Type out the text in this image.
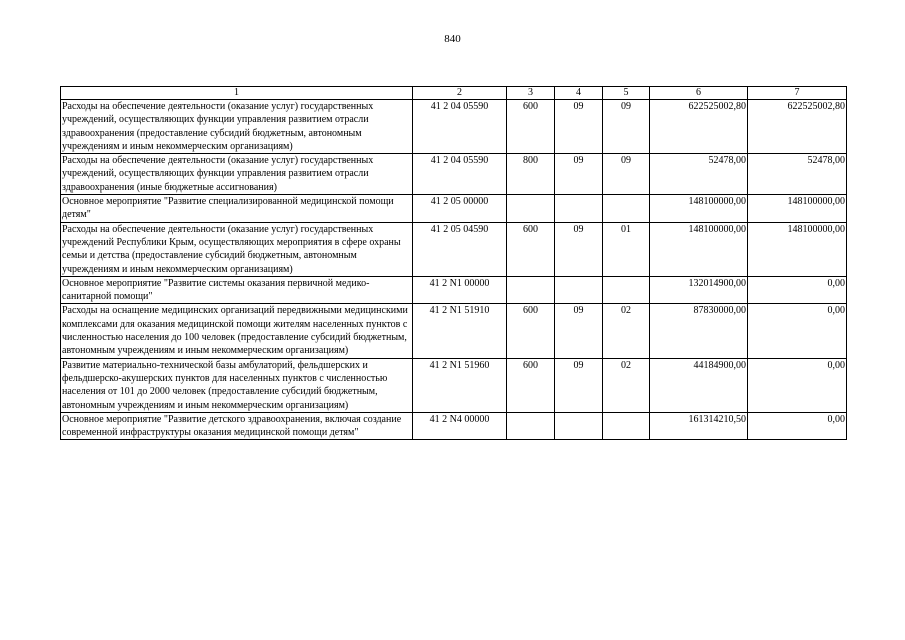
840
1	2	3	4	5	6	7
Расходы на обеспечение деятельности (оказание услуг) государственных учреждений, осуществляющих функции управления развитием отрасли здравоохранения (предоставление субсидий бюджетным, автономным учреждениям и иным некоммерческим организациям)	41 2 04 05590	600	09	09	622525002,80	622525002,80
Расходы на обеспечение деятельности (оказание услуг) государственных учреждений, осуществляющих функции управления развитием отрасли здравоохранения (иные бюджетные ассигнования)	41 2 04 05590	800	09	09	52478,00	52478,00
Основное мероприятие "Развитие специализированной медицинской помощи детям"	41 2 05 00000				148100000,00	148100000,00
Расходы на обеспечение деятельности (оказание услуг) государственных учреждений Республики Крым, осуществляющих мероприятия в сфере охраны семьи и детства (предоставление субсидий бюджетным, автономным учреждениям и иным некоммерческим организациям)	41 2 05 04590	600	09	01	148100000,00	148100000,00
Основное мероприятие "Развитие системы оказания первичной медико-санитарной помощи"	41 2 N1 00000				132014900,00	0,00
Расходы на оснащение медицинских организаций передвижными медицинскими комплексами для оказания медицинской помощи жителям населенных пунктов с численностью населения до 100 человек (предоставление субсидий бюджетным, автономным учреждениям и иным некоммерческим организациям)	41 2 N1 51910	600	09	02	87830000,00	0,00
Развитие материально-технической базы амбулаторий, фельдшерских и фельдшерско-акушерских пунктов для населенных пунктов с численностью населения от 101 до 2000 человек (предоставление субсидий бюджетным, автономным учреждениям и иным некоммерческим организациям)	41 2 N1 51960	600	09	02	44184900,00	0,00
Основное мероприятие "Развитие детского здравоохранения, включая создание современной инфраструктуры оказания медицинской помощи детям"	41 2 N4 00000				161314210,50	0,00
